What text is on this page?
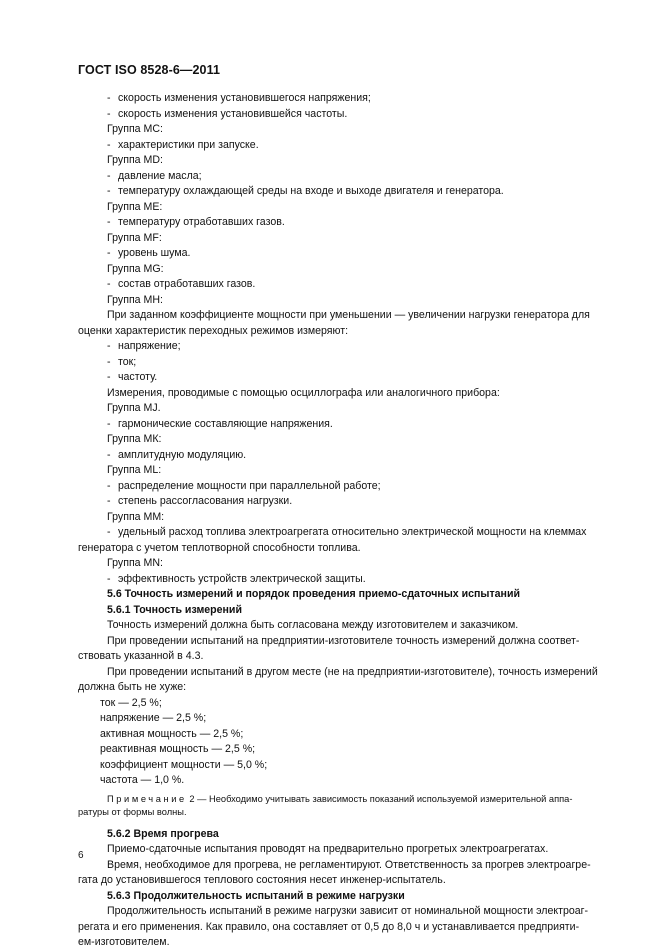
ГОСТ ISO 8528-6—2011
- скорость изменения установившегося напряжения;
- скорость изменения установившейся частоты.
Группа МС:
- характеристики при запуске.
Группа MD:
- давление масла;
- температуру охлаждающей среды на входе и выходе двигателя и генератора.
Группа МЕ:
- температуру отработавших газов.
Группа MF:
- уровень шума.
Группа MG:
- состав отработавших газов.
Группа МН:
При заданном коэффициенте мощности при уменьшении — увеличении нагрузки генератора для
оценки характеристик переходных режимов измеряют:
- напряжение;
- ток;
- частоту.
Измерения, проводимые с помощью осциллографа или аналогичного прибора:
Группа MJ.
- гармонические составляющие напряжения.
Группа МК:
- амплитудную модуляцию.
Группа ML:
- распределение мощности при параллельной работе;
- степень рассогласования нагрузки.
Группа ММ:
- удельный расход топлива электроагрегата относительно электрической мощности на клеммах
генератора с учетом теплотворной способности топлива.
Группа MN:
- эффективность устройств электрической защиты.
5.6 Точность измерений и порядок проведения приемо-сдаточных испытаний
5.6.1 Точность измерений
Точность измерений должна быть согласована между изготовителем и заказчиком.
При проведении испытаний на предприятии-изготовителе точность измерений должна соответ-
ствовать указанной в 4.3.
При проведении испытаний в другом месте (не на предприятии-изготовителе), точность измерений
должна быть не хуже:
ток — 2,5 %;
напряжение — 2,5 %;
активная мощность — 2,5 %;
реактивная мощность — 2,5 %;
коэффициент мощности — 5,0 %;
частота — 1,0 %.
Примечание 2 — Необходимо учитывать зависимость показаний используемой измерительной аппа-
ратуры от формы волны.
5.6.2 Время прогрева
Приемо-сдаточные испытания проводят на предварительно прогретых электроагрегатах.
Время, необходимое для прогрева, не регламентируют. Ответственность за прогрев электроагре-
гата до установившегося теплового состояния несет инженер-испытатель.
5.6.3 Продолжительность испытаний в режиме нагрузки
Продолжительность испытаний в режиме нагрузки зависит от номинальной мощности электроаг-
регата и его применения. Как правило, она составляет от 0,5 до 8,0 ч и устанавливается предприяти-
ем-изготовителем.
6
